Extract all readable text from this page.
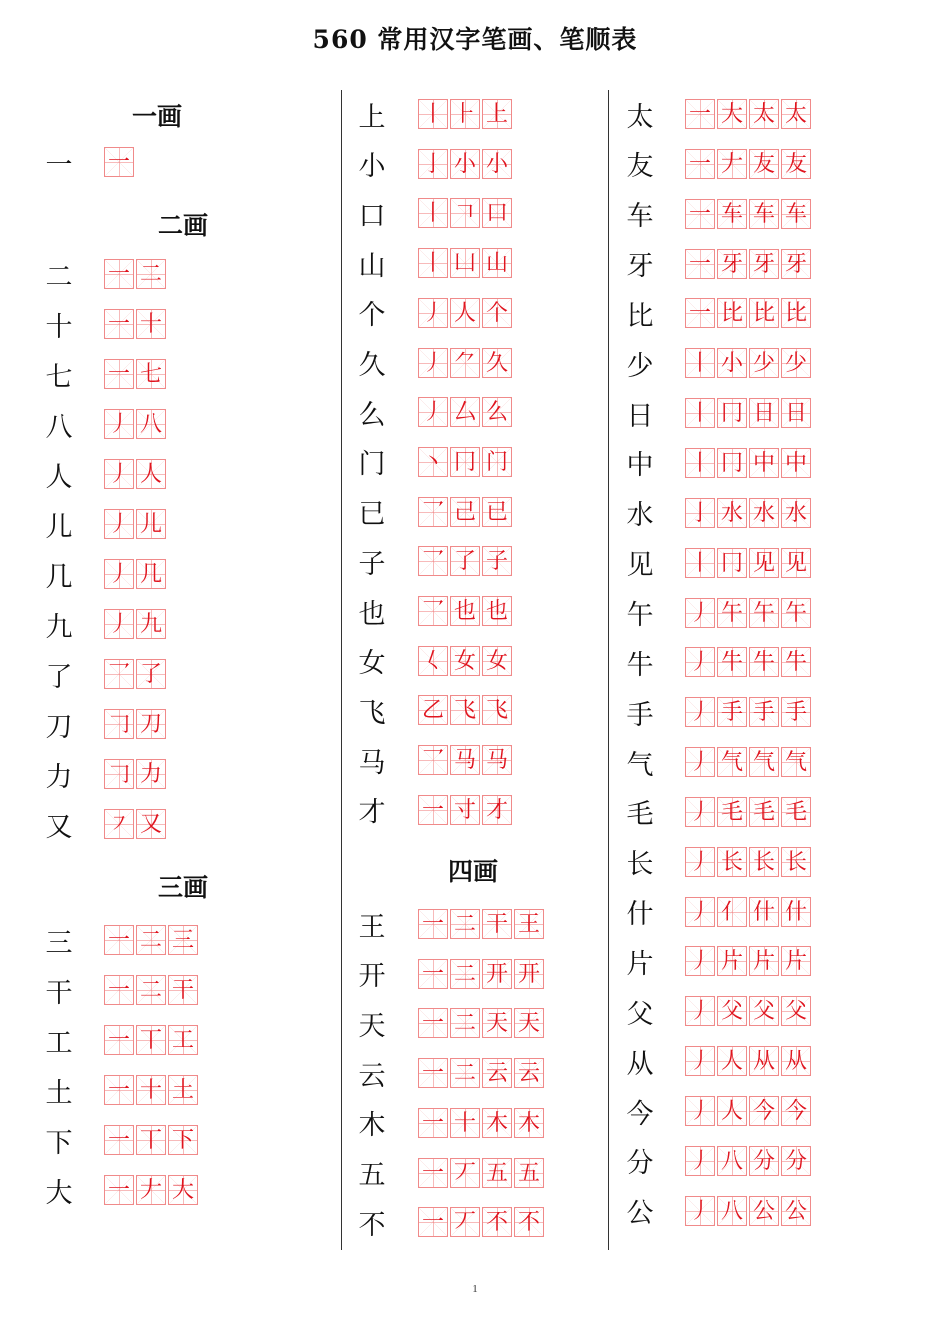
560 常用汉字笔画、笔顺表
一画
一 一
二画
二 一 二
十 一 十
七 一 七
八 丿 八
人 丿 人
儿 丿 儿
几 丿 几
九 丿 九
了 乛 了
刀 𠃌 刀
力 𠃌 力
又 ㇇ 又
三画
三 一 二 三
干 一 二 干
工 一 丅 工
土 一 十 土
下 一 丅 下
大 一 𠂇 大
上 丨 ⺊ 上
小 亅 小 小
口 丨 𠃍 口
山 丨 凵 山
个 丿 人 个
久 丿 ⺈ 久
么 丿 厶 么
门 丶 冂 门
已 乛 己 已
子 乛 了 子
也 乛 也 也
女 𡿨 女 女
飞 乙 飞 飞
马 乛 马 马
才 一 寸 才
四画
王 一 二 干 王
开 一 二 开 开
天 一 二 天 天
云 一 二 云 云
木 一 十 木 木
五 一 丆 五 五
不 一 丆 不 不
太 一 大 太 太
友 一 𠂇 友 友
车 一 车 车 车
牙 一 牙 牙 牙
比 一 比 比 比
少 丨 小 少 少
日 丨 冂 日 日
中 丨 冂 中 中
水 亅 水 水 水
见 丨 冂 见 见
午 丿 午 午 午
牛 丿 牛 牛 牛
手 丿 手 手 手
气 丿 气 气 气
毛 丿 毛 毛 毛
长 丿 长 长 长
什 丿 亻 什 什
片 丿 片 片 片
父 丿 父 父 父
从 丿 人 从 从
今 丿 人 今 今
分 丿 八 分 分
公 丿 八 公 公
1
